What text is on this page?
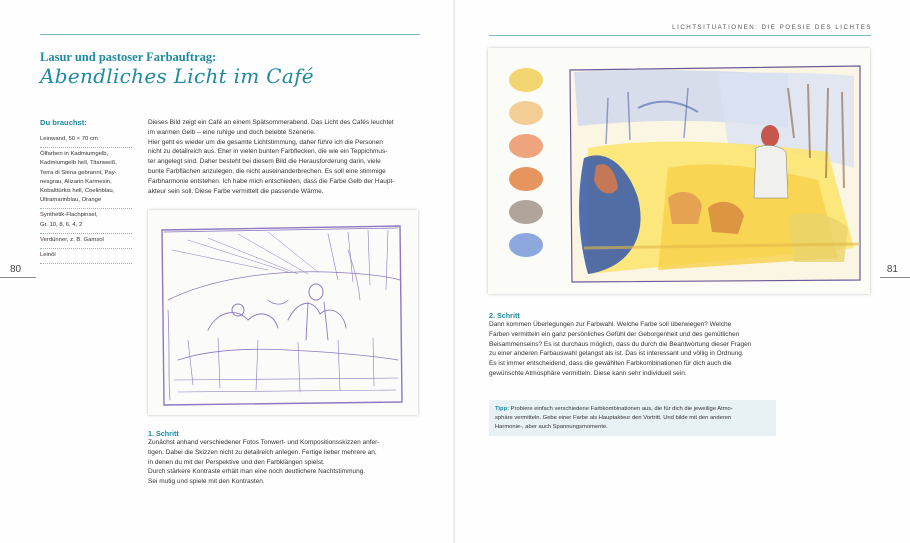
Lasur und pastoser Farbauftrag:
Abendliches Licht im Café
Du brauchst:
Leinwand, 50 × 70 cm
Ölfarben in Kadmiumgelb,
Kadmiumgelb hell, Titanweiß,
Terra di Siena gebrannt, Pay-
nesgrau, Alizarin Karmesin,
Kobalttürkis hell, Coelinblau,
Ultramarinblau, Orange
Synthetik-Flachpinsel,
Gr. 10, 8, 6, 4, 2
Verdünner, z. B. Gamsol
Leinöl
80

Dieses Bild zeigt ein Café an einem Spätsommerabend. Das Licht des Cafés leuchtet

im warmen Gelb – eine ruhige und doch belebte Szenerie.

Hier geht es wieder um die gesamte Lichtstimmung, daher führe ich die Personen

nicht zu detailreich aus. Eher in vielen bunten Farbflecken, die wie ein Teppichmus-

ter angelegt sind. Daher besteht bei diesem Bild die Herausforderung darin, viele

bunte Farbflächen anzulegen, die nicht auseinanderbrechen. Es soll eine stimmige

Farbharmonie entstehen. Ich habe mich entschieden, dass die Farbe Gelb der Haupt-

akteur sein soll. Diese Farbe vermittelt die passende Wärme.

1. Schritt

Zunächst anhand verschiedener Fotos Tonwert- und Kompositionsskizzen anfer-

tigen. Dabei die Skizzen nicht zu detailreich anlegen. Fertige lieber mehrere an,

in denen du mit der Perspektive und den Farbklängen spielst.

Durch stärkere Kontraste erhält man eine noch deutlichere Nachtstimmung.

Sei mutig und spiele mit den Kontrasten.

LICHTSITUATIONEN: DIE POESIE DES LICHTES
81
2. Schritt

Dann kommen Überlegungen zur Farbwahl. Welche Farbe soll überwiegen? Welche

Farben vermitteln ein ganz persönliches Gefühl der Geborgenheit und des gemütlichen

Beisammenseins? Es ist durchaus möglich, dass du durch die Beantwortung dieser Fragen

zu einer anderen Farbauswahl gelangst als ist. Das ist interessant und völlig in Ordnung.

Es ist immer entscheidend, dass die gewählten Farbkombinationen für dich auch die

gewünschte Atmosphäre vermitteln. Diese kann sehr individuell sein.

Tipp: Probiere einfach verschiedene Farbkombinationen aus, die für dich die jeweilige Atmo-
sphäre vermitteln. Gebe einer Farbe als Hauptakteur den Vortritt. Und bilde mit den anderen
Harmonie-, aber auch Spannungsmomente.
